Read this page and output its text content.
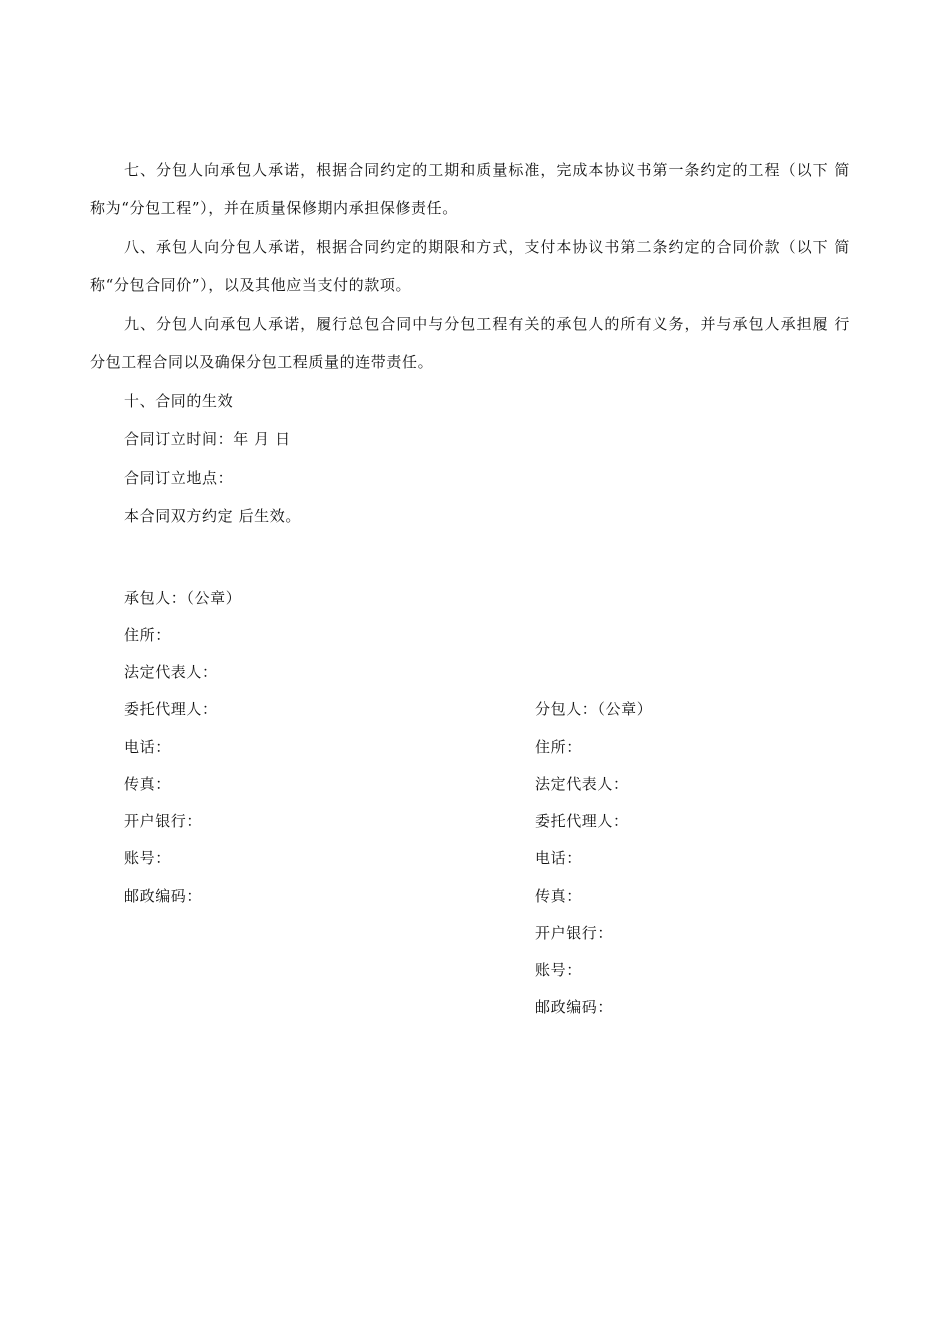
七、分包人向承包人承诺，根据合同约定的工期和质量标准，完成本协议书第一条约定的工程（以下 简
称为“分包工程”），并在质量保修期内承担保修责任。
八、承包人向分包人承诺，根据合同约定的期限和方式，支付本协议书第二条约定的合同价款（以下 简
称“分包合同价”），以及其他应当支付的款项。
九、分包人向承包人承诺，履行总包合同中与分包工程有关的承包人的所有义务，并与承包人承担履 行
分包工程合同以及确保分包工程质量的连带责任。
十、合同的生效
合同订立时间：年 月 日
合同订立地点：
本合同双方约定 后生效。
承包人：（公章）
住所：
法定代表人：
委托代理人：
电话：
传真：
开户银行：
账号：
邮政编码：
分包人：（公章）
住所：
法定代表人：
委托代理人：
电话：
传真：
开户银行：
账号：
邮政编码：
